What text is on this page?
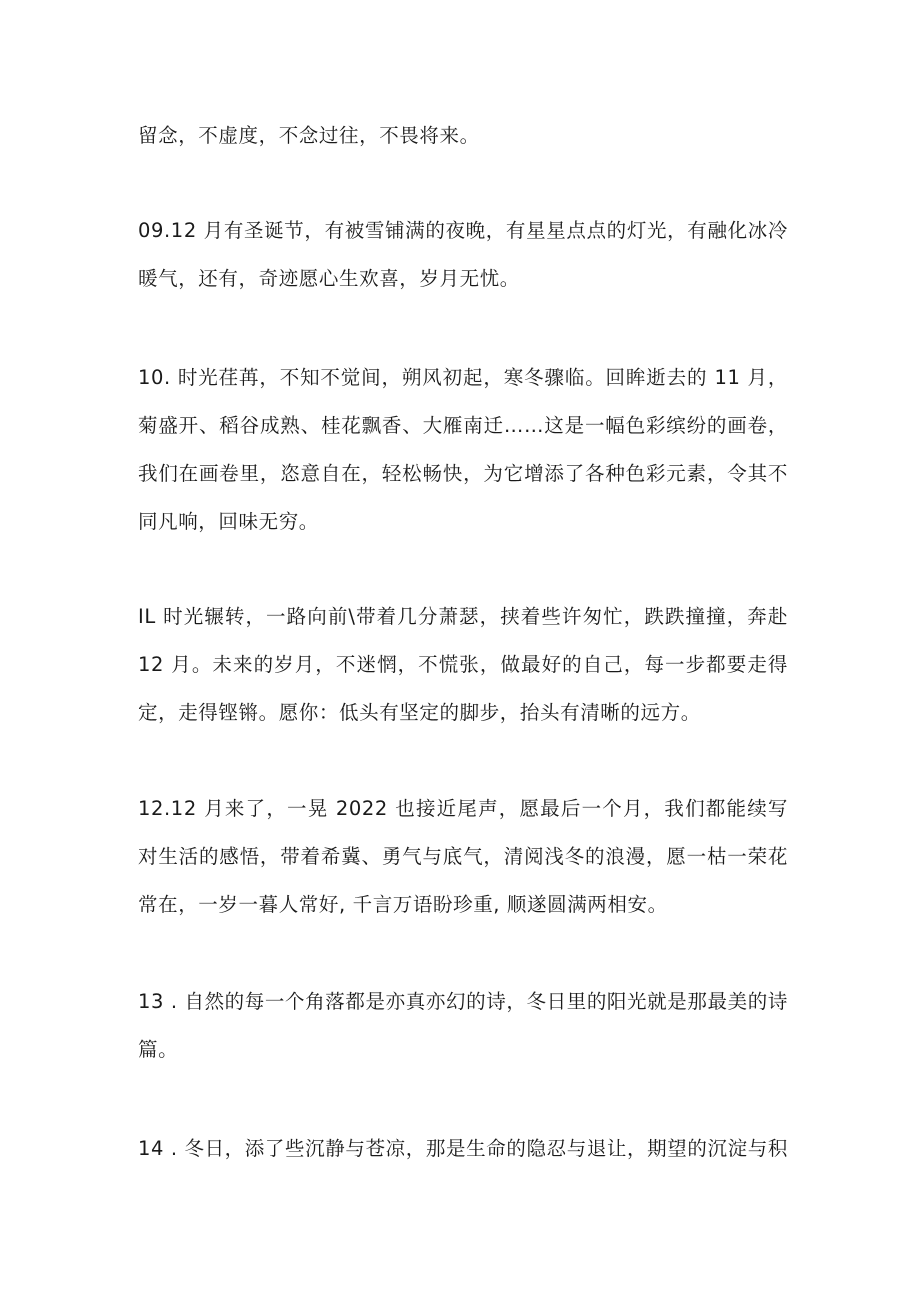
留念，不虚度，不念过往，不畏将来。

09.12 月有圣诞节，有被雪铺满的夜晚，有星星点点的灯光，有融化冰冷
暖气，还有，奇迹愿心生欢喜，岁月无忧。

10. 时光荏苒，不知不觉间，朔风初起，寒冬骤临。回眸逝去的 11 月，
菊盛开、稻谷成熟、桂花飘香、大雁南迁……这是一幅色彩缤纷的画卷，
我们在画卷里，恣意自在，轻松畅快，为它增添了各种色彩元素，令其不
同凡响，回味无穷。

IL 时光辗转，一路向前\带着几分萧瑟，挟着些许匆忙，跌跌撞撞，奔赴
12 月。未来的岁月，不迷惘，不慌张，做最好的自己，每一步都要走得
定，走得铿锵。愿你：低头有坚定的脚步，抬头有清晰的远方。

12.12 月来了，一晃 2022 也接近尾声，愿最后一个月，我们都能续写
对生活的感悟，带着希冀、勇气与底气，清阅浅冬的浪漫，愿一枯一荣花
常在，一岁一暮人常好, 千言万语盼珍重, 顺遂圆满两相安。

13 . 自然的每一个角落都是亦真亦幻的诗，冬日里的阳光就是那最美的诗
篇。

14 . 冬日，添了些沉静与苍凉，那是生命的隐忍与退让，期望的沉淀与积
